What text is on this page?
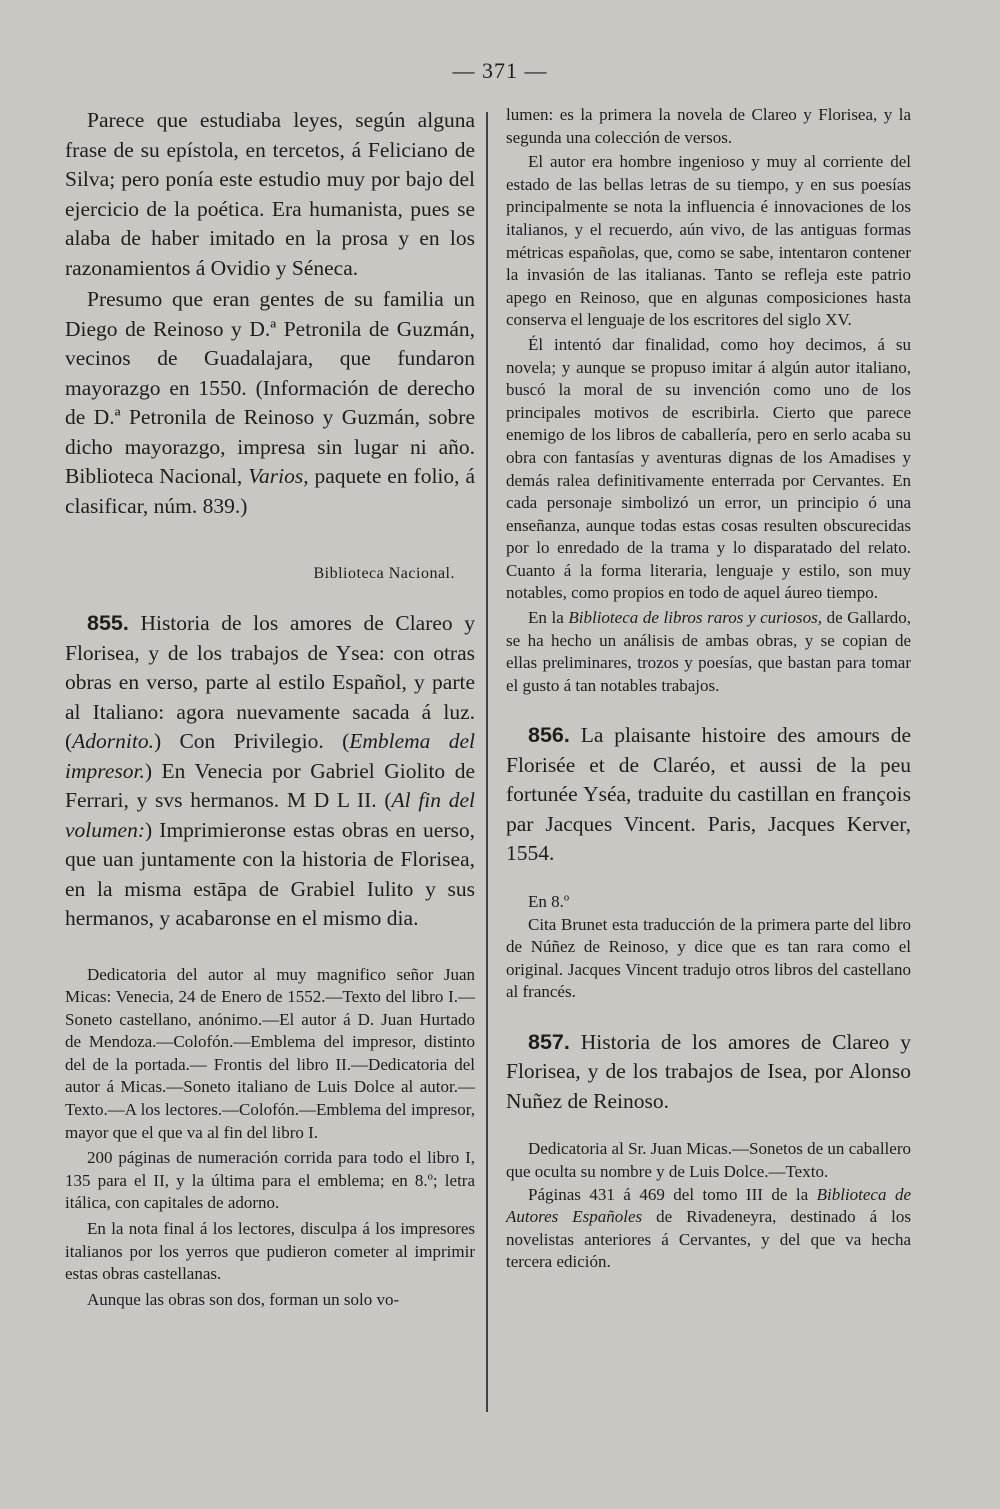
— 371 —

Parece que estudiaba leyes, según alguna frase de su epístola, en tercetos, á Feliciano de Silva; pero ponía este estudio muy por bajo del ejercicio de la poética. Era humanista, pues se alaba de haber imitado en la prosa y en los razonamientos á Ovidio y Séneca.

Presumo que eran gentes de su familia un Diego de Reinoso y D.ª Petronila de Guzmán, vecinos de Guadalajara, que fundaron mayorazgo en 1550. (Información de derecho de D.ª Petronila de Reinoso y Guzmán, sobre dicho mayorazgo, impresa sin lugar ni año. Biblioteca Nacional, Varios, paquete en folio, á clasificar, núm. 839.)

Biblioteca Nacional.

855. Historia de los amores de Clareo y Florisea, y de los trabajos de Ysea: con otras obras en verso, parte al estilo Español, y parte al Italiano: agora nuevamente sacada á luz. (Adornito.) Con Privilegio. (Emblema del impresor.) En Venecia por Gabriel Giolito de Ferrari, y svs hermanos. M D L II. (Al fin del volumen:) Imprimieronse estas obras en uerso, que uan juntamente con la historia de Florisea, en la misma estāpa de Grabiel Iulito y sus hermanos, y acabaronse en el mismo dia.

Dedicatoria del autor al muy magnifico señor Juan Micas: Venecia, 24 de Enero de 1552.—Texto del libro I.—Soneto castellano, anónimo.—El autor á D. Juan Hurtado de Mendoza.—Colofón.—Emblema del impresor, distinto del de la portada.— Frontis del libro II.—Dedicatoria del autor á Micas.—Soneto italiano de Luis Dolce al autor.—Texto.—A los lectores.—Colofón.—Emblema del impresor, mayor que el que va al fin del libro I.

200 páginas de numeración corrida para todo el libro I, 135 para el II, y la última para el emblema; en 8.º; letra itálica, con capitales de adorno.

En la nota final á los lectores, disculpa á los impresores italianos por los yerros que pudieron cometer al imprimir estas obras castellanas.

Aunque las obras son dos, forman un solo vo-

lumen: es la primera la novela de Clareo y Florisea, y la segunda una colección de versos.

El autor era hombre ingenioso y muy al corriente del estado de las bellas letras de su tiempo, y en sus poesías principalmente se nota la influencia é innovaciones de los italianos, y el recuerdo, aún vivo, de las antiguas formas métricas españolas, que, como se sabe, intentaron contener la invasión de las italianas. Tanto se refleja este patrio apego en Reinoso, que en algunas composiciones hasta conserva el lenguaje de los escritores del siglo XV.

Él intentó dar finalidad, como hoy decimos, á su novela; y aunque se propuso imitar á algún autor italiano, buscó la moral de su invención como uno de los principales motivos de escribirla. Cierto que parece enemigo de los libros de caballería, pero en serlo acaba su obra con fantasías y aventuras dignas de los Amadises y demás ralea definitivamente enterrada por Cervantes. En cada personaje simbolizó un error, un principio ó una enseñanza, aunque todas estas cosas resulten obscurecidas por lo enredado de la trama y lo disparatado del relato. Cuanto á la forma literaria, lenguaje y estilo, son muy notables, como propios en todo de aquel áureo tiempo.

En la Biblioteca de libros raros y curiosos, de Gallardo, se ha hecho un análisis de ambas obras, y se copian de ellas preliminares, trozos y poesías, que bastan para tomar el gusto á tan notables trabajos.

856. La plaisante histoire des amours de Florisée et de Claréo, et aussi de la peu fortunée Yséa, traduite du castillan en françois par Jacques Vincent. Paris, Jacques Kerver, 1554.

En 8.º

Cita Brunet esta traducción de la primera parte del libro de Núñez de Reinoso, y dice que es tan rara como el original. Jacques Vincent tradujo otros libros del castellano al francés.

857. Historia de los amores de Clareo y Florisea, y de los trabajos de Isea, por Alonso Nuñez de Reinoso.

Dedicatoria al Sr. Juan Micas.—Sonetos de un caballero que oculta su nombre y de Luis Dolce.—Texto.

Páginas 431 á 469 del tomo III de la Biblioteca de Autores Españoles de Rivadeneyra, destinado á los novelistas anteriores á Cervantes, y del que va hecha tercera edición.
